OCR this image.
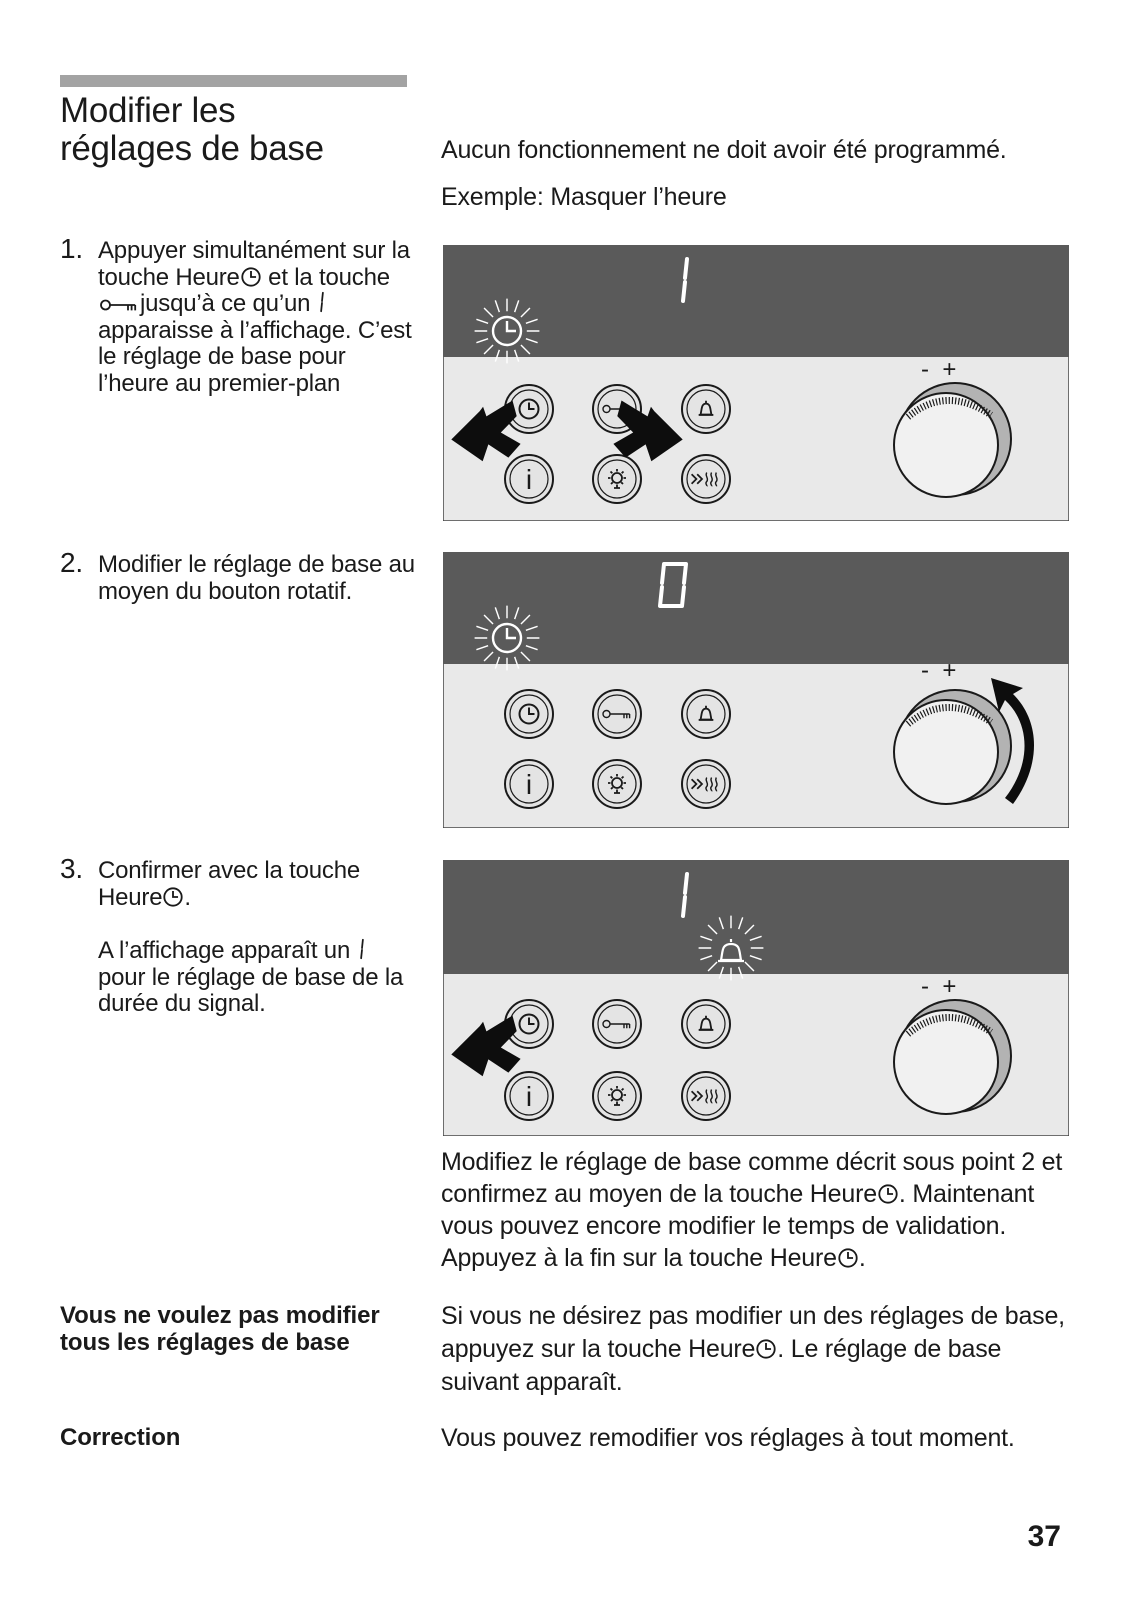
Modifier les
réglages de base	Aucun fonctionnement ne doit avoir été programmé.
Exemple: Masquer l’heure
1. Appuyer simultanément sur la touche Heure et la touche jusqu’à ce qu’un  apparaisse à l’affichage. C’est le réglage de base pour l’heure au premier-plan
2. Modifier le réglage de base au moyen du bouton rotatif.
3. Confirmer avec la touche Heure .
A l’affichage apparaît un  pour le réglage de base de la durée du signal.
-  +
i
-  +
i
-  +
i
Modifiez le réglage de base comme décrit sous point 2 et confirmez au moyen de la touche Heure . Maintenant vous pouvez encore modifier le temps de validation. Appuyez à la fin sur la touche Heure .
Vous ne voulez pas modifier tous les réglages de base
Si vous ne désirez pas modifier un des réglages de base, appuyez sur la touche Heure . Le réglage de base suivant apparaît.
Correction	Vous pouvez remodifier vos réglages à tout moment.
37
